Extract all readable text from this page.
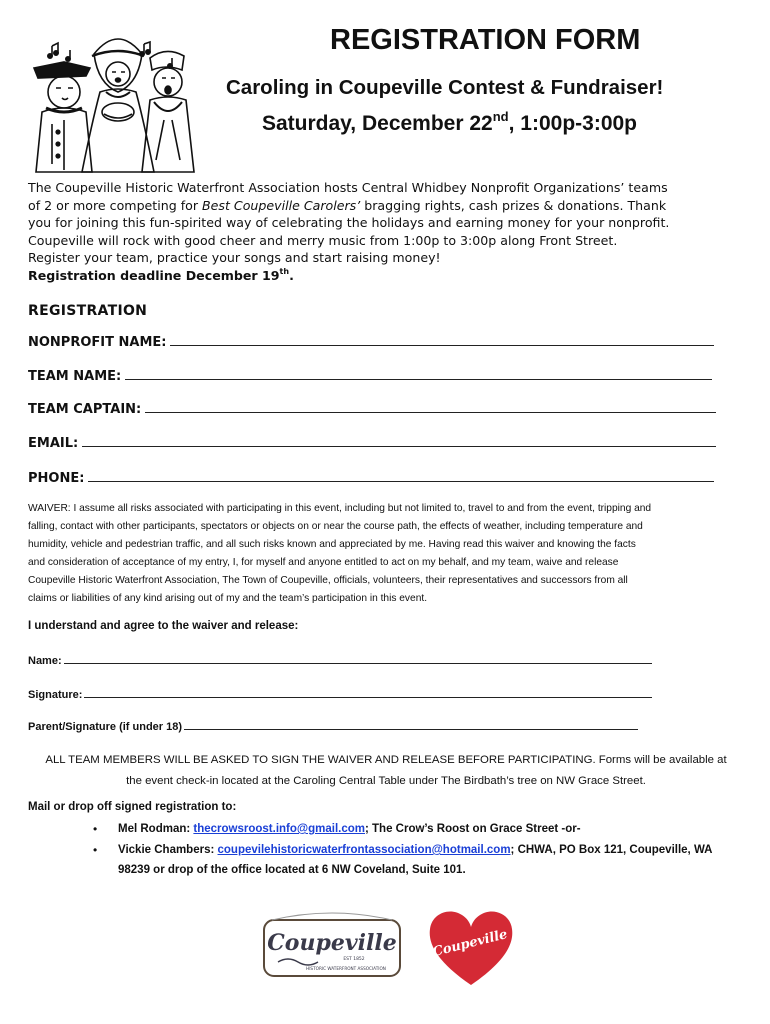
REGISTRATION FORM
Caroling in Coupeville Contest & Fundraiser!
Saturday, December 22nd, 1:00p-3:00p
The Coupeville Historic Waterfront Association hosts Central Whidbey Nonprofit Organizations’ teams
of 2 or more competing for Best Coupeville Carolers’ bragging rights, cash prizes & donations. Thank
you for joining this fun-spirited way of celebrating the holidays and earning money for your nonprofit.
Coupeville will rock with good cheer and merry music from 1:00p to 3:00p along Front Street.
Register your team, practice your songs and start raising money!
Registration deadline December 19th.
REGISTRATION
NONPROFIT NAME:
TEAM NAME:
TEAM CAPTAIN:
EMAIL:
PHONE:
WAIVER: I assume all risks associated with participating in this event, including but not limited to, travel to and from the event, tripping and
falling, contact with other participants, spectators or objects on or near the course path, the effects of weather, including temperature and
humidity, vehicle and pedestrian traffic, and all such risks known and appreciated by me. Having read this waiver and knowing the facts
and consideration of acceptance of my entry, I, for myself and anyone entitled to act on my behalf, and my team, waive and release
Coupeville Historic Waterfront Association, The Town of Coupeville, officials, volunteers, their representatives and successors from all
claims or liabilities of any kind arising out of my and the team’s participation in this event.
I understand and agree to the waiver and release:
Name:
Signature:
Parent/Signature (if under 18)
ALL TEAM MEMBERS WILL BE ASKED TO SIGN THE WAIVER AND RELEASE BEFORE PARTICIPATING. Forms will be available at
the event check-in located at the Caroling Central Table under The Birdbath’s tree on NW Grace Street.
Mail or drop off signed registration to:
• Mel Rodman: thecrowsroost.info@gmail.com; The Crow’s Roost on Grace Street -or-
• Vickie Chambers: coupevilehistoricwaterfrontassociation@hotmail.com; CHWA, PO Box 121, Coupeville, WA
98239 or drop of the office located at 6 NW Coveland, Suite 101.
Coupeville
EST 1852
HISTORIC WATERFRONT ASSOCIATION
Coupeville
